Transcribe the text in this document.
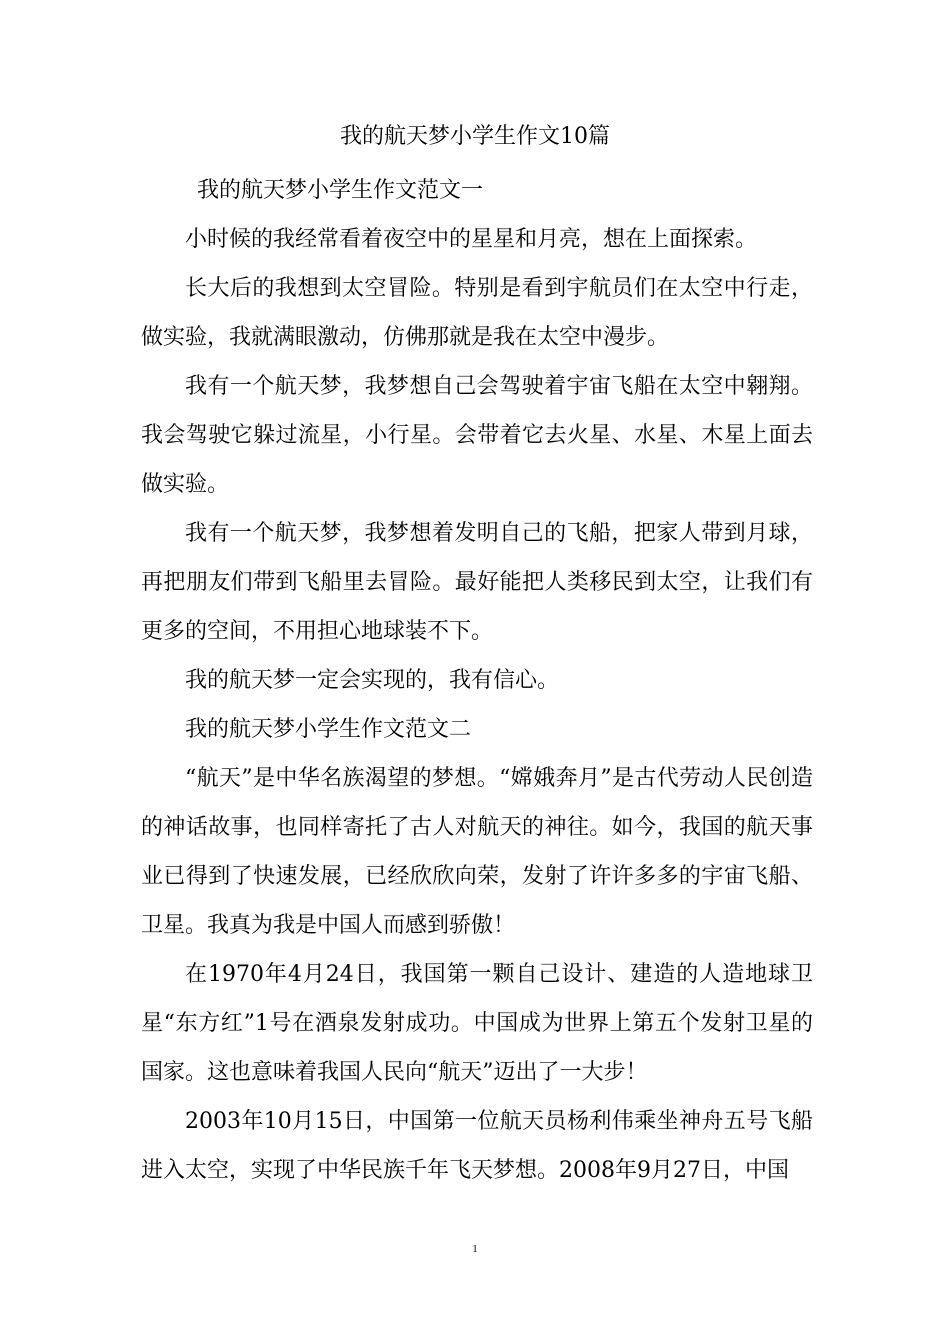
我的航天梦小学生作文10篇

我的航天梦小学生作文范文一

小时候的我经常看着夜空中的星星和月亮，想在上面探索。

长大后的我想到太空冒险。特别是看到宇航员们在太空中行走，做实验，我就满眼激动，仿佛那就是我在太空中漫步。

我有一个航天梦，我梦想自己会驾驶着宇宙飞船在太空中翱翔。我会驾驶它躲过流星，小行星。会带着它去火星、水星、木星上面去做实验。

我有一个航天梦，我梦想着发明自己的飞船，把家人带到月球，再把朋友们带到飞船里去冒险。最好能把人类移民到太空，让我们有更多的空间，不用担心地球装不下。

我的航天梦一定会实现的，我有信心。

我的航天梦小学生作文范文二

“航天”是中华名族渴望的梦想。“嫦娥奔月”是古代劳动人民创造的神话故事，也同样寄托了古人对航天的神往。如今，我国的航天事业已得到了快速发展，已经欣欣向荣，发射了许许多多的宇宙飞船、卫星。我真为我是中国人而感到骄傲！

在1970年4月24日，我国第一颗自己设计、建造的人造地球卫星“东方红”1号在酒泉发射成功。中国成为世界上第五个发射卫星的国家。这也意味着我国人民向“航天”迈出了一大步！

2003年10月15日，中国第一位航天员杨利伟乘坐神舟五号飞船进入太空，实现了中华民族千年飞天梦想。2008年9月27日，中国

1
